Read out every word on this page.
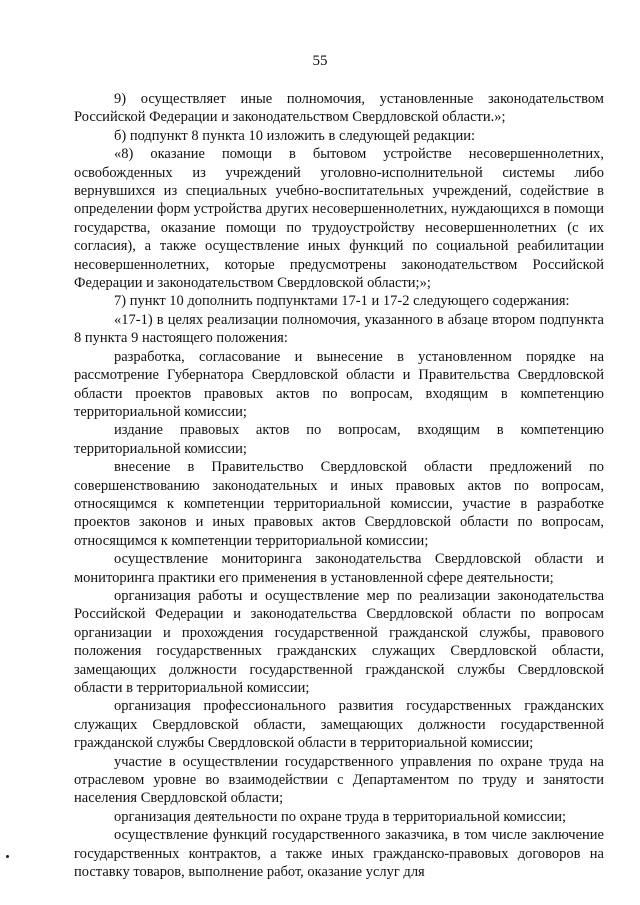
55

9) осуществляет иные полномочия, установленные законодательством Российской Федерации и законодательством Свердловской области.»;

б) подпункт 8 пункта 10 изложить в следующей редакции:

«8) оказание помощи в бытовом устройстве несовершеннолетних, освобожденных из учреждений уголовно-исполнительной системы либо вернувшихся из специальных учебно-воспитательных учреждений, содействие в определении форм устройства других несовершеннолетних, нуждающихся в помощи государства, оказание помощи по трудоустройству несовершеннолетних (с их согласия), а также осуществление иных функций по социальной реабилитации несовершеннолетних, которые предусмотрены законодательством Российской Федерации и законодательством Свердловской области;»;

7) пункт 10 дополнить подпунктами 17-1 и 17-2 следующего содержания:

«17-1) в целях реализации полномочия, указанного в абзаце втором подпункта 8 пункта 9 настоящего положения:

разработка, согласование и вынесение в установленном порядке на рассмотрение Губернатора Свердловской области и Правительства Свердловской области проектов правовых актов по вопросам, входящим в компетенцию территориальной комиссии;

издание правовых актов по вопросам, входящим в компетенцию территориальной комиссии;

внесение в Правительство Свердловской области предложений по совершенствованию законодательных и иных правовых актов по вопросам, относящимся к компетенции территориальной комиссии, участие в разработке проектов законов и иных правовых актов Свердловской области по вопросам, относящимся к компетенции территориальной комиссии;

осуществление мониторинга законодательства Свердловской области и мониторинга практики его применения в установленной сфере деятельности;

организация работы и осуществление мер по реализации законодательства Российской Федерации и законодательства Свердловской области по вопросам организации и прохождения государственной гражданской службы, правового положения государственных гражданских служащих Свердловской области, замещающих должности государственной гражданской службы Свердловской области в территориальной комиссии;

организация профессионального развития государственных гражданских служащих Свердловской области, замещающих должности государственной гражданской службы Свердловской области в территориальной комиссии;

участие в осуществлении государственного управления по охране труда на отраслевом уровне во взаимодействии с Департаментом по труду и занятости населения Свердловской области;

организация деятельности по охране труда в территориальной комиссии;

осуществление функций государственного заказчика, в том числе заключение государственных контрактов, а также иных гражданско-правовых договоров на поставку товаров, выполнение работ, оказание услуг для
